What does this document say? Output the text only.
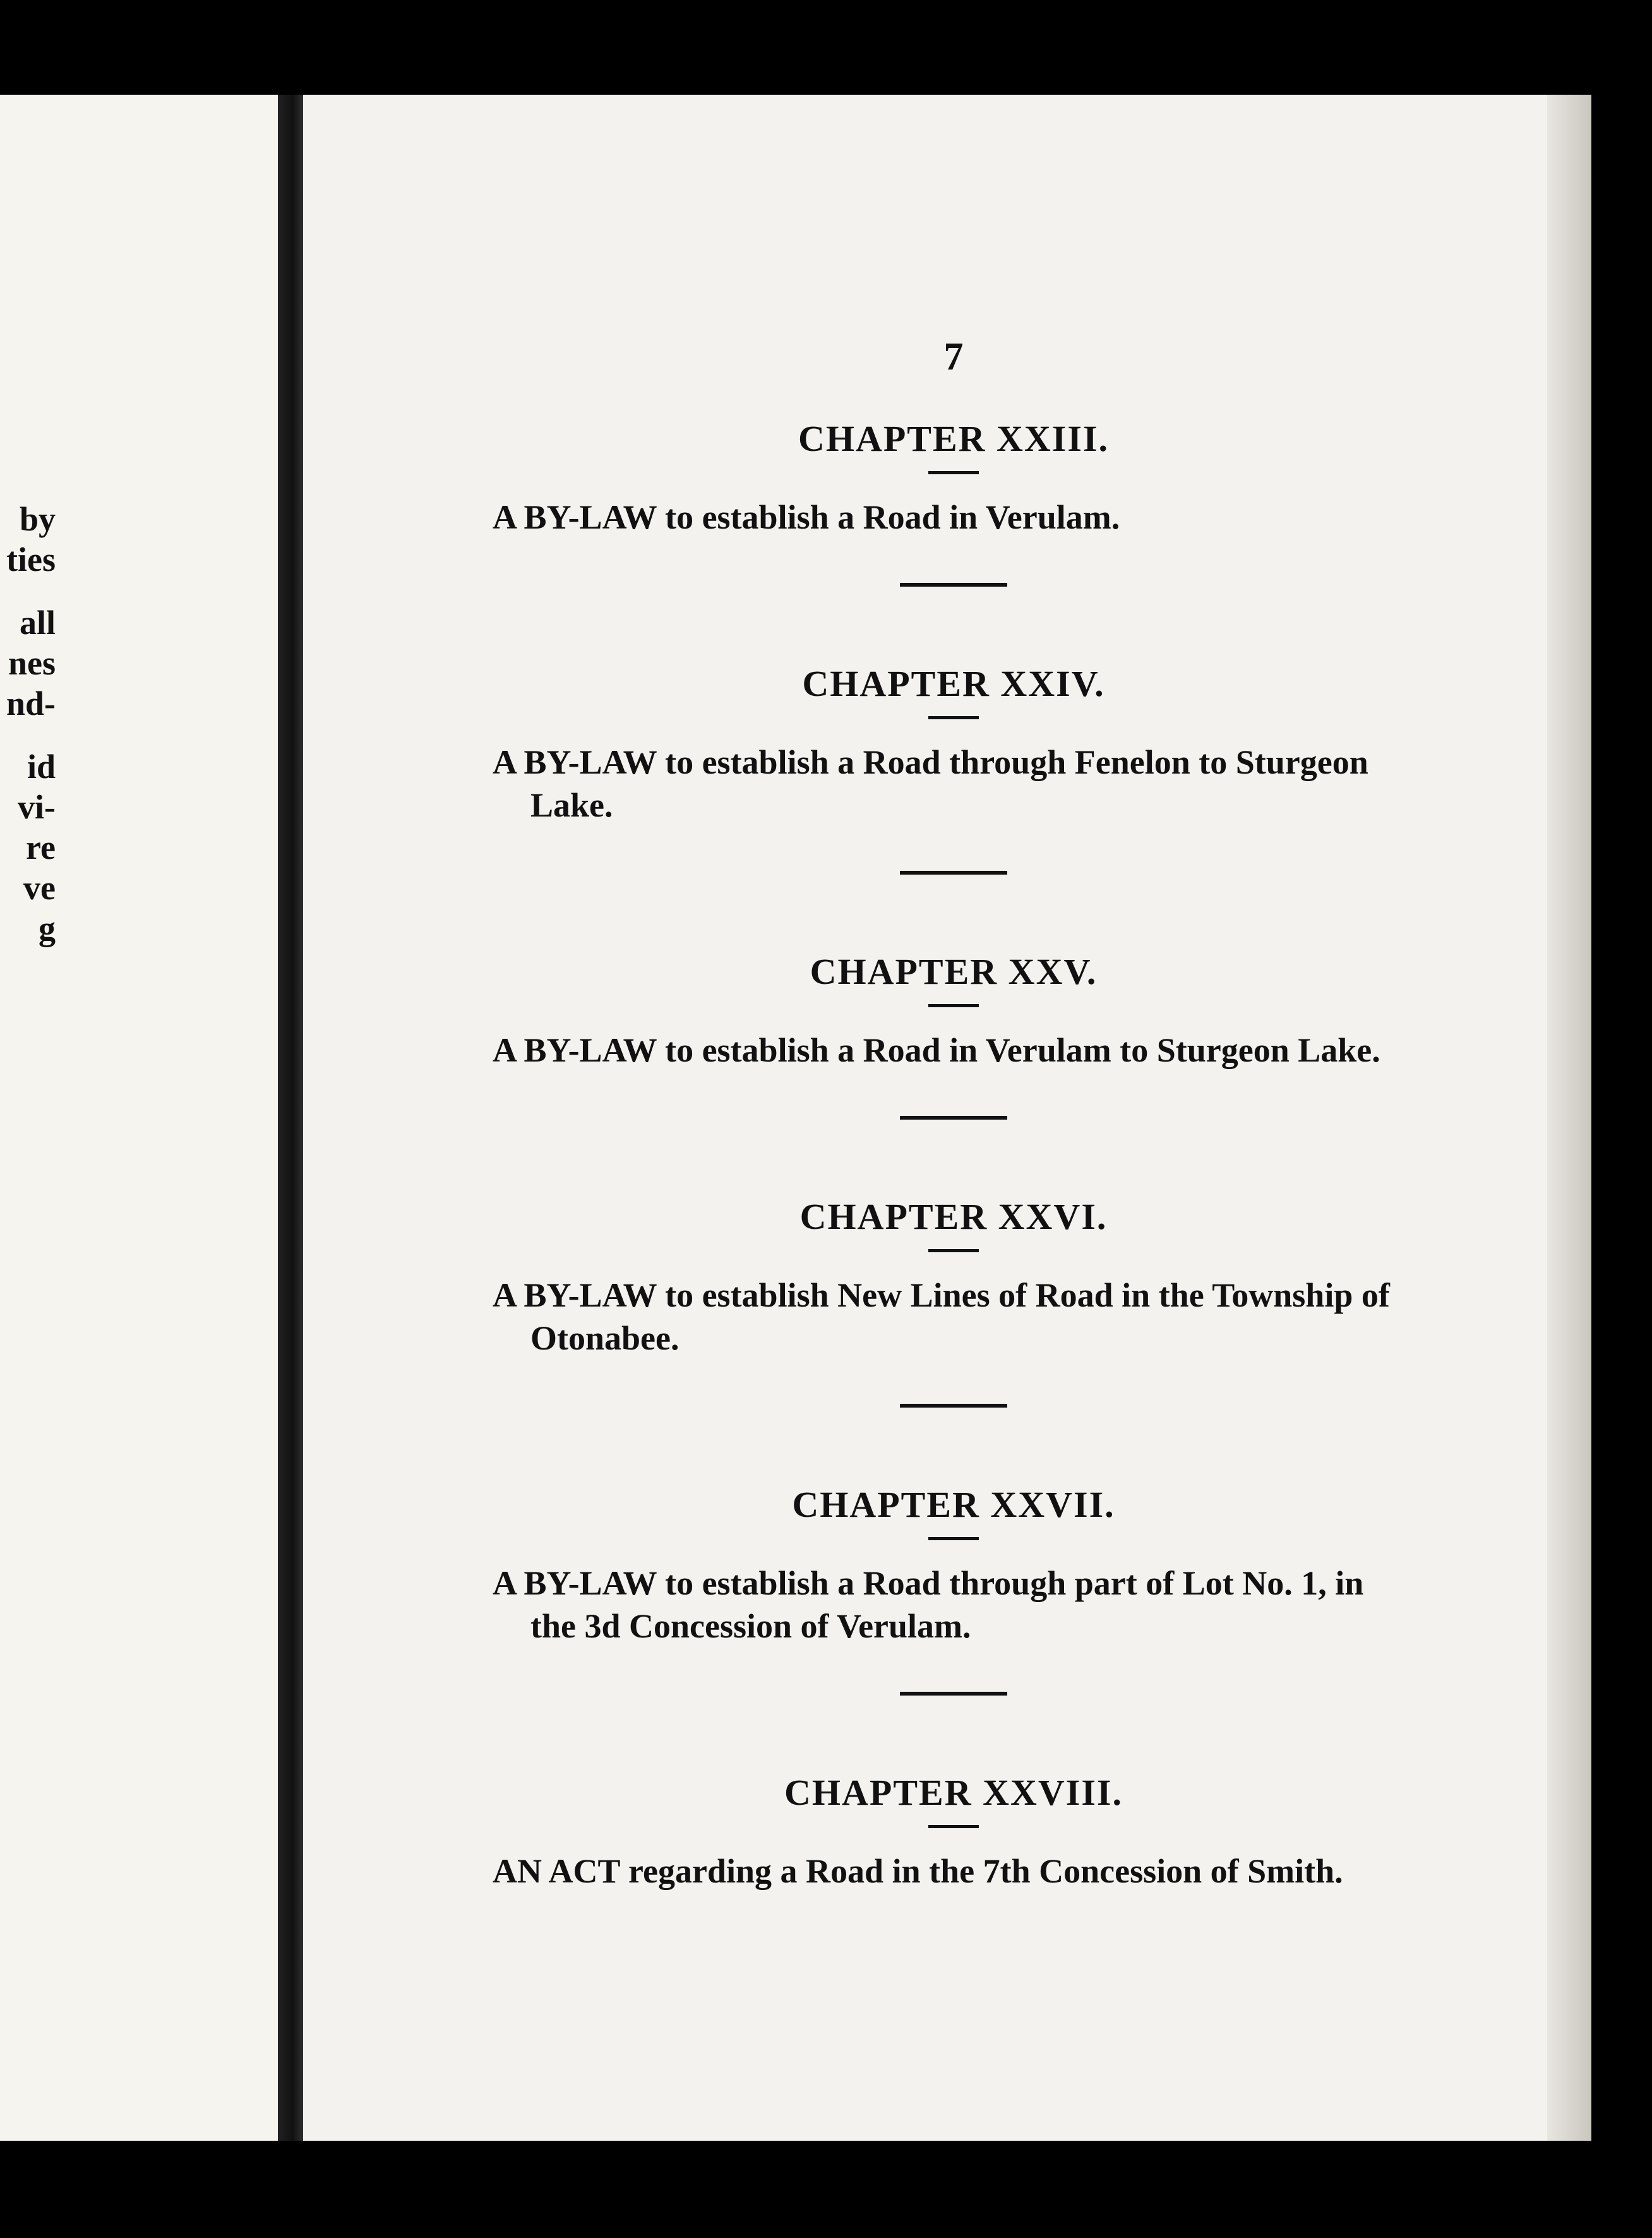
by
ties
all
nes
nd-
id
vi-
re
ve
g
7
CHAPTER XXIII.
A BY-LAW to establish a Road in Verulam.
CHAPTER XXIV.
A BY-LAW to establish a Road through Fenelon to Sturgeon Lake.
CHAPTER XXV.
A BY-LAW to establish a Road in Verulam to Sturgeon Lake.
CHAPTER XXVI.
A BY-LAW to establish New Lines of Road in the Township of Otonabee.
CHAPTER XXVII.
A BY-LAW to establish a Road through part of Lot No. 1, in the 3d Concession of Verulam.
CHAPTER XXVIII.
AN ACT regarding a Road in the 7th Concession of Smith.
